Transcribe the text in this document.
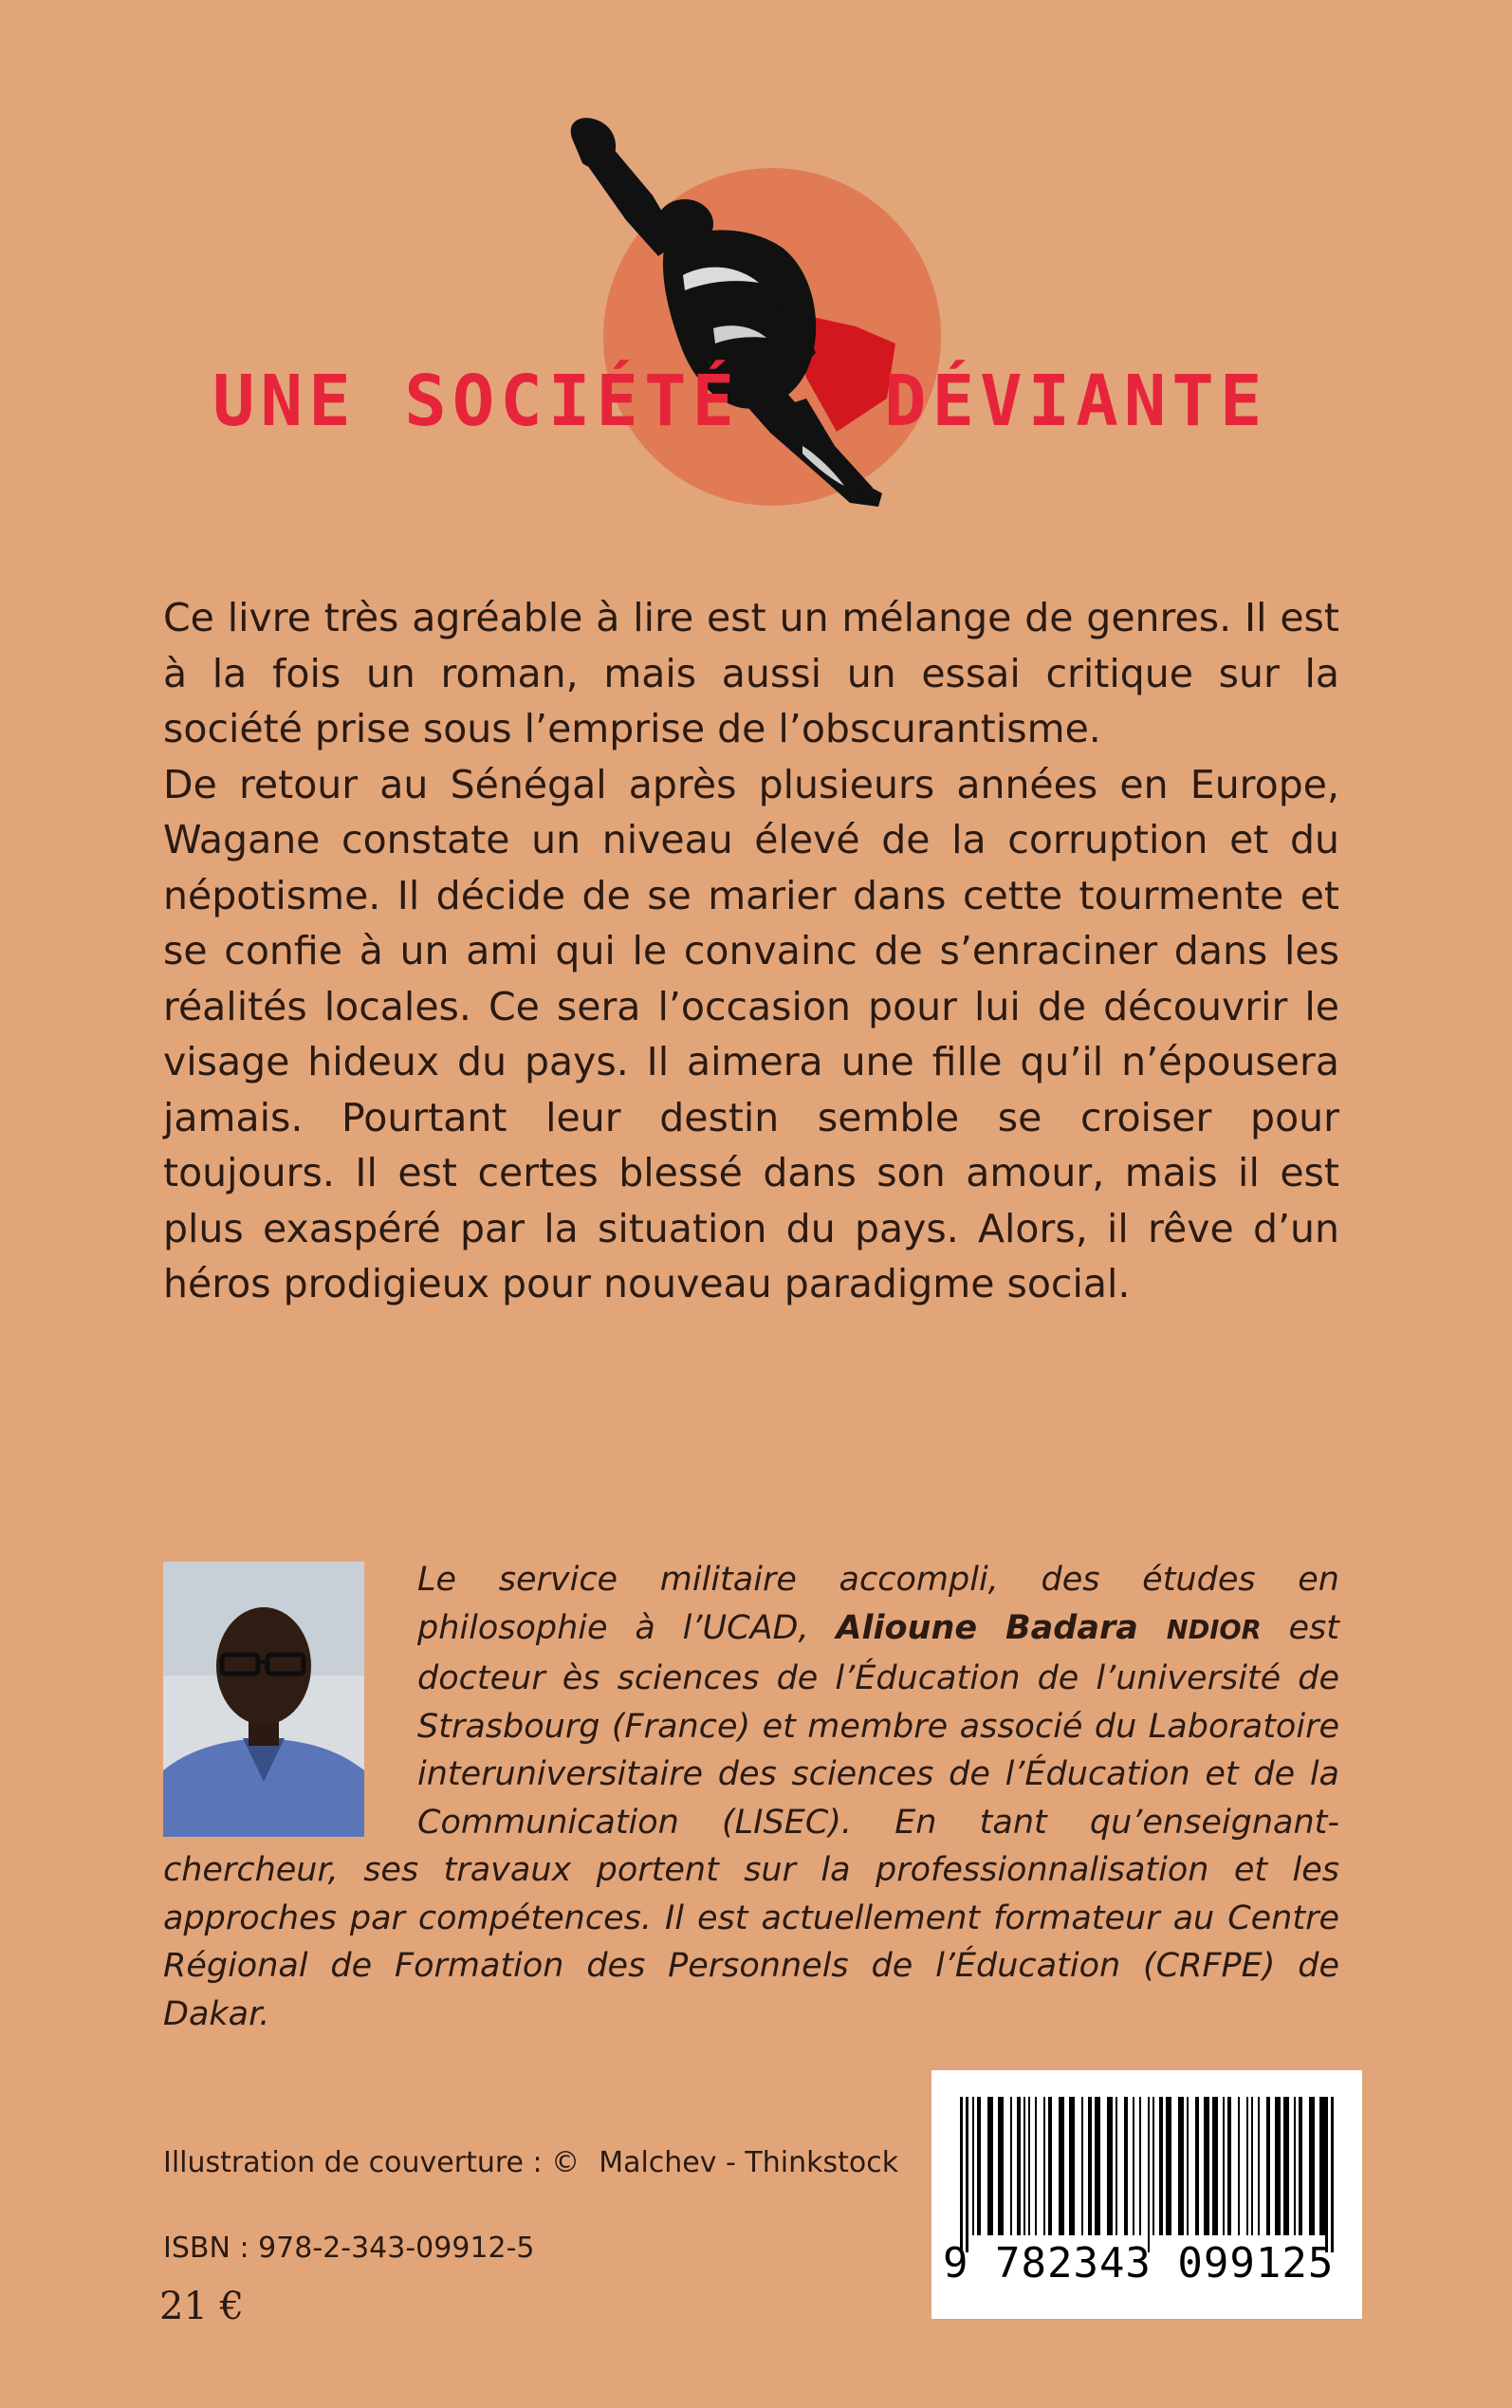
UNE SOCIÉTÉ DÉVIANTE

Ce livre très agréable à lire est un mélange de genres. Il est à la fois un roman, mais aussi un essai critique sur la société prise sous l’emprise de l’obscurantisme.

De retour au Sénégal après plusieurs années en Europe, Wagane constate un niveau élevé de la corruption et du népotisme. Il décide de se marier dans cette tourmente et se confie à un ami qui le convainc de s’enraciner dans les réalités locales. Ce sera l’occasion pour lui de découvrir le visage hideux du pays. Il aimera une fille qu’il n’épousera jamais. Pourtant leur destin semble se croiser pour toujours. Il est certes blessé dans son amour, mais il est plus exaspéré par la situation du pays. Alors, il rêve d’un héros prodigieux pour nouveau paradigme social.

Le service militaire accompli, des études en philosophie à l’UCAD, Alioune Badara NDIOR est docteur ès sciences de l’Éducation de l’université de Strasbourg (France) et membre associé du Laboratoire interuniversitaire des sciences de l’Éducation et de la Communication (LISEC). En tant qu’enseignant-chercheur, ses travaux portent sur la professionnalisation et les approches par compétences. Il est actuellement formateur au Centre Régional de Formation des Personnels de l’Éducation (CRFPE) de Dakar.
Illustration de couverture : © Malchev - Thinkstock
ISBN : 978-2-343-09912-5
21 €
9 782343 099125
